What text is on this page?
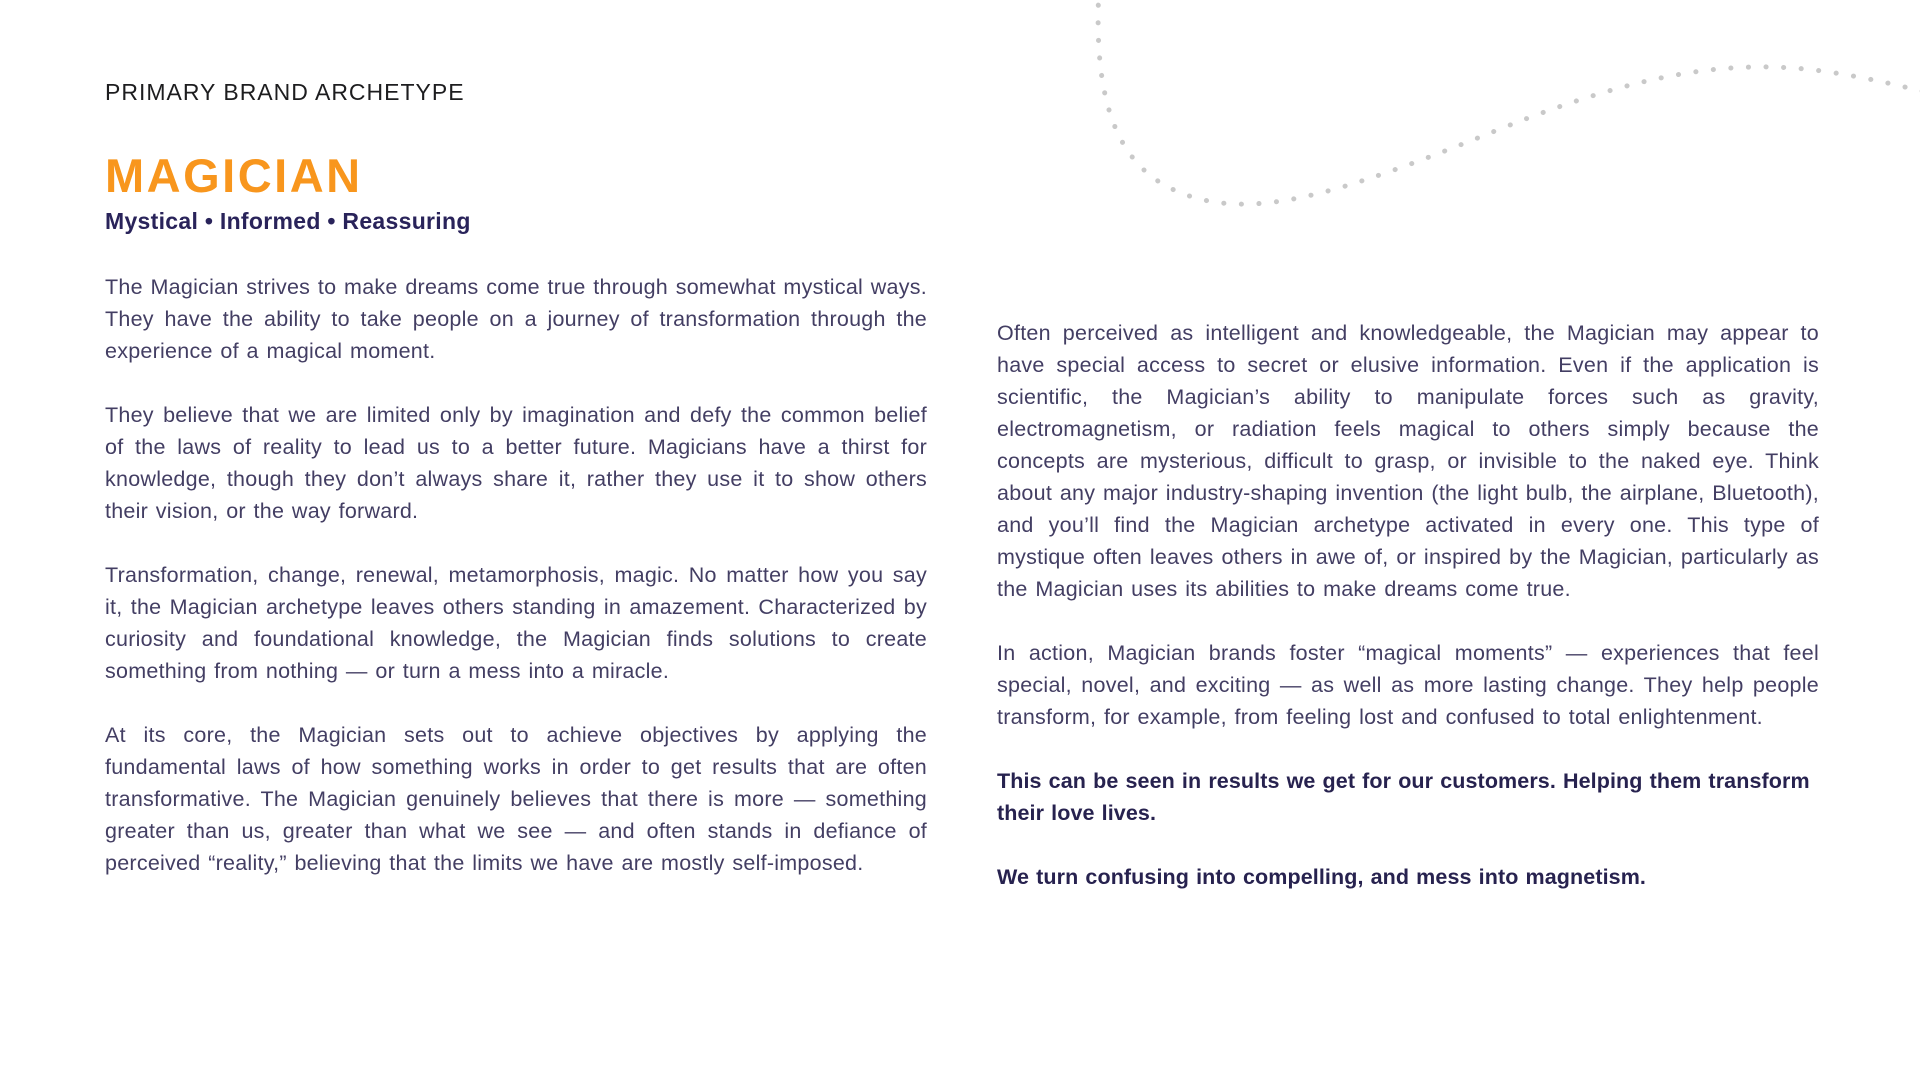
PRIMARY BRAND ARCHETYPE
MAGICIAN
Mystical • Informed • Reassuring

The Magician strives to make dreams come true through somewhat mystical ways. They have the ability to take people on a journey of transformation through the experience of a magical moment.

They believe that we are limited only by imagination and defy the common belief of the laws of reality to lead us to a better future. Magicians have a thirst for knowledge, though they don’t always share it, rather they use it to show others their vision, or the way forward.

Transformation, change, renewal, metamorphosis, magic. No matter how you say it, the Magician archetype leaves others standing in amazement. Characterized by curiosity and foundational knowledge, the Magician finds solutions to create something from nothing — or turn a mess into a miracle.

At its core, the Magician sets out to achieve objectives by applying the fundamental laws of how something works in order to get results that are often transformative. The Magician genuinely believes that there is more — something greater than us, greater than what we see — and often stands in defiance of perceived “reality,” believing that the limits we have are mostly self-imposed.

Often perceived as intelligent and knowledgeable, the Magician may appear to have special access to secret or elusive information. Even if the application is scientific, the Magician’s ability to manipulate forces such as gravity, electromagnetism, or radiation feels magical to others simply because the concepts are mysterious, difficult to grasp, or invisible to the naked eye. Think about any major industry-shaping invention (the light bulb, the airplane, Bluetooth), and you’ll find the Magician archetype activated in every one. This type of mystique often leaves others in awe of, or inspired by the Magician, particularly as the Magician uses its abilities to make dreams come true.

In action, Magician brands foster “magical moments” — experiences that feel special, novel, and exciting — as well as more lasting change. They help people transform, for example, from feeling lost and confused to total enlightenment.

This can be seen in results we get for our customers. Helping them transform their love lives.

We turn confusing into compelling, and mess into magnetism.
